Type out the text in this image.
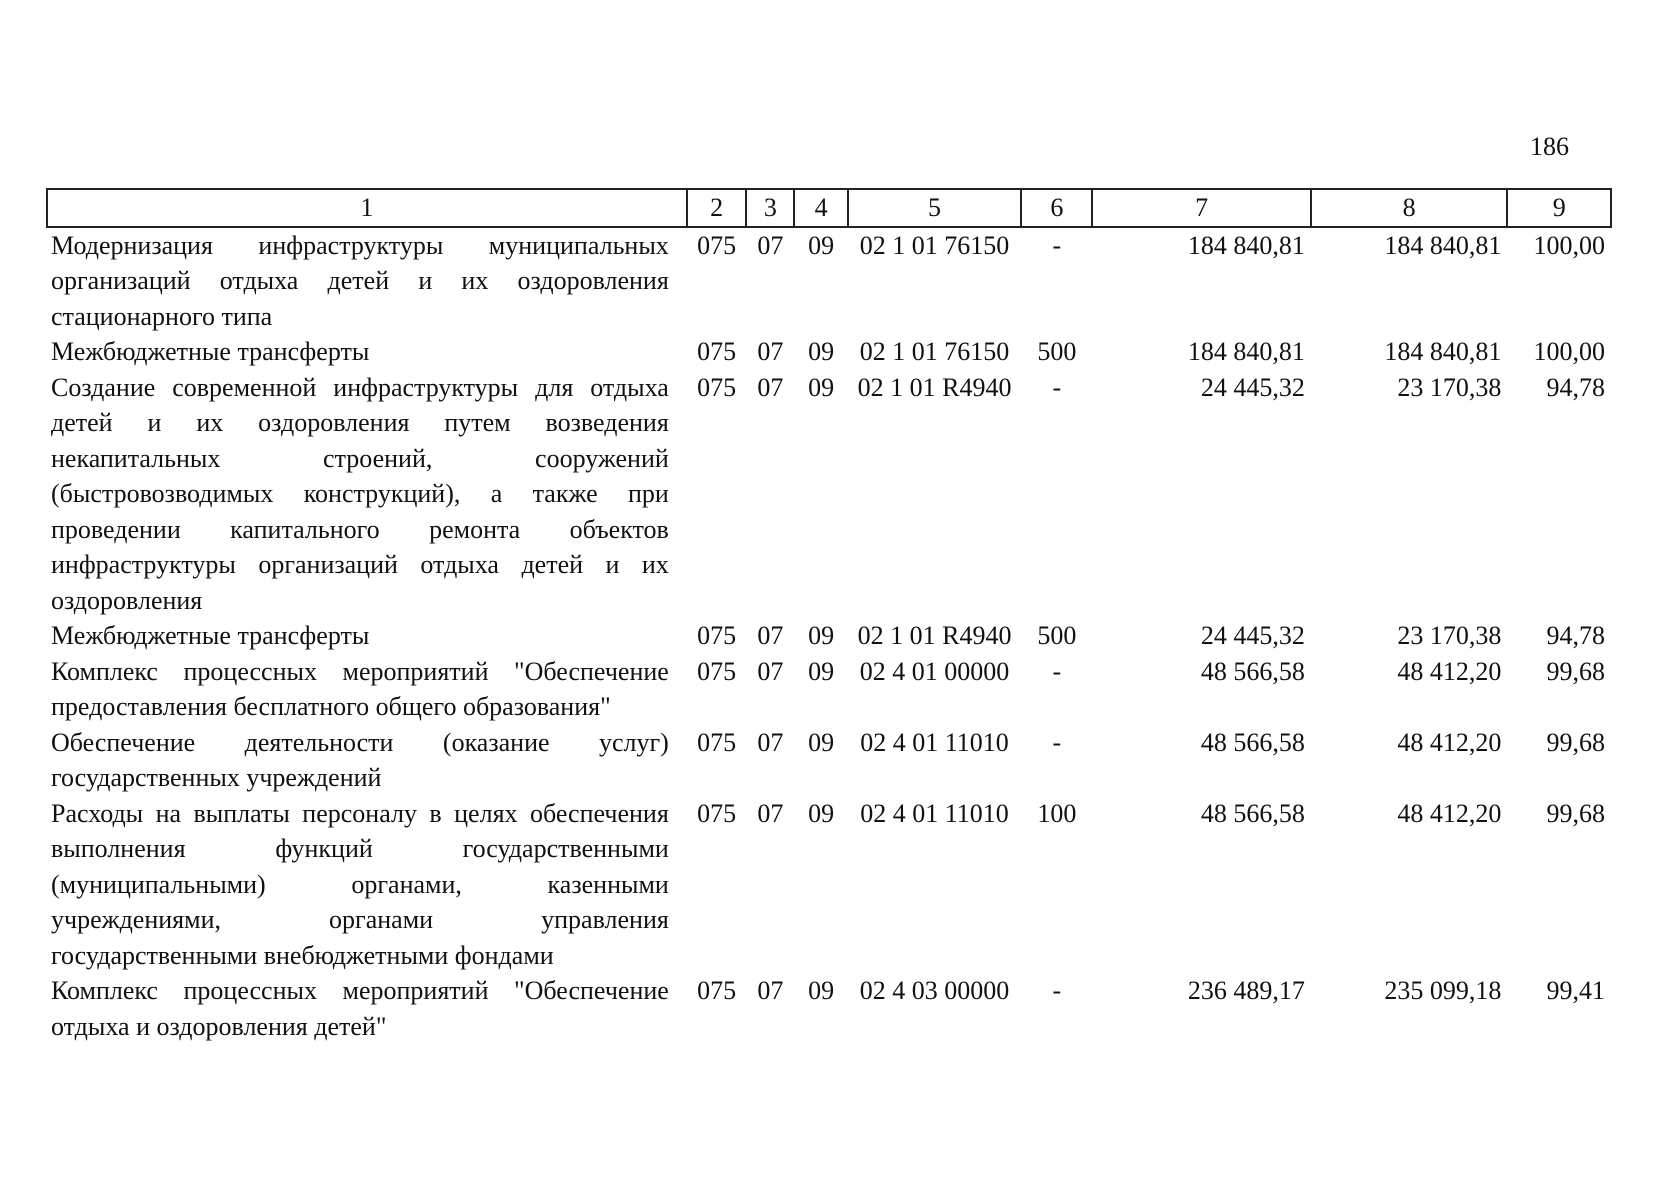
186
1	2	3	4	5	6	7	8	9
Модернизация инфраструктуры муниципальных организаций отдыха детей и их оздоровления стационарного типа	075	07	09	02 1 01 76150	-	184 840,81	184 840,81	100,00
Межбюджетные трансферты	075	07	09	02 1 01 76150	500	184 840,81	184 840,81	100,00
Создание современной инфраструктуры для отдыха детей и их оздоровления путем возведения некапитальных строений, сооружений (быстровозводимых конструкций), а также при проведении капитального ремонта объектов инфраструктуры организаций отдыха детей и их оздоровления	075	07	09	02 1 01 R4940	-	24 445,32	23 170,38	94,78
Межбюджетные трансферты	075	07	09	02 1 01 R4940	500	24 445,32	23 170,38	94,78
Комплекс процессных мероприятий "Обеспечение предоставления бесплатного общего образования"	075	07	09	02 4 01 00000	-	48 566,58	48 412,20	99,68
Обеспечение деятельности (оказание услуг) государственных учреждений	075	07	09	02 4 01 11010	-	48 566,58	48 412,20	99,68
Расходы на выплаты персоналу в целях обеспечения выполнения функций государственными (муниципальными) органами, казенными учреждениями, органами управления государственными внебюджетными фондами	075	07	09	02 4 01 11010	100	48 566,58	48 412,20	99,68
Комплекс процессных мероприятий "Обеспечение отдыха и оздоровления детей"	075	07	09	02 4 03 00000	-	236 489,17	235 099,18	99,41
